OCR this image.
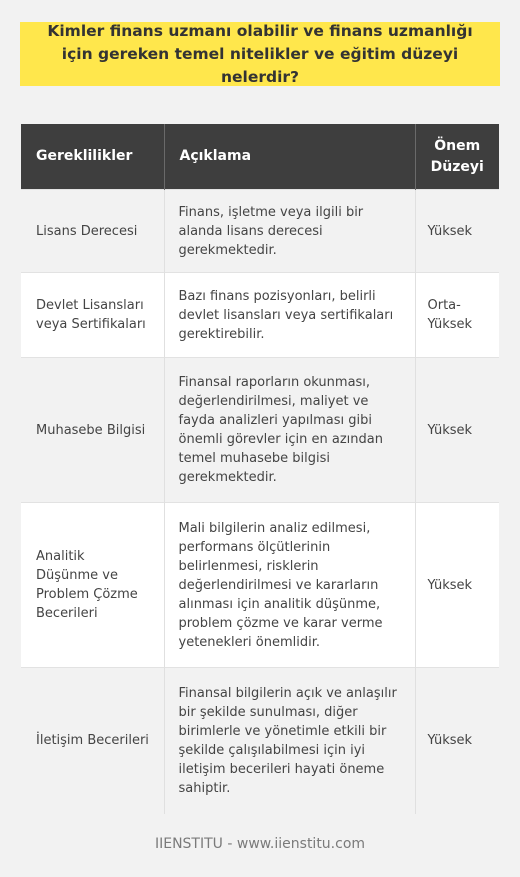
Kimler finans uzmanı olabilir ve finans uzmanlığı için gereken temel nitelikler ve eğitim düzeyi nelerdir?
Gereklilikler	Açıklama	Önem Düzeyi
Lisans Derecesi	Finans, işletme veya ilgili bir alanda lisans derecesi gerekmektedir.	Yüksek
Devlet Lisansları veya Sertifikaları	Bazı finans pozisyonları, belirli devlet lisansları veya sertifikaları gerektirebilir.	Orta-Yüksek
Muhasebe Bilgisi	Finansal raporların okunması, değerlendirilmesi, maliyet ve fayda analizleri yapılması gibi önemli görevler için en azından temel muhasebe bilgisi gerekmektedir.	Yüksek
Analitik Düşünme ve Problem Çözme Becerileri	Mali bilgilerin analiz edilmesi, performans ölçütlerinin belirlenmesi, risklerin değerlendirilmesi ve kararların alınması için analitik düşünme, problem çözme ve karar verme yetenekleri önemlidir.	Yüksek
İletişim Becerileri	Finansal bilgilerin açık ve anlaşılır bir şekilde sunulması, diğer birimlerle ve yönetimle etkili bir şekilde çalışılabilmesi için iyi iletişim becerileri hayati öneme sahiptir.	Yüksek
IIENSTITU - www.iienstitu.com
